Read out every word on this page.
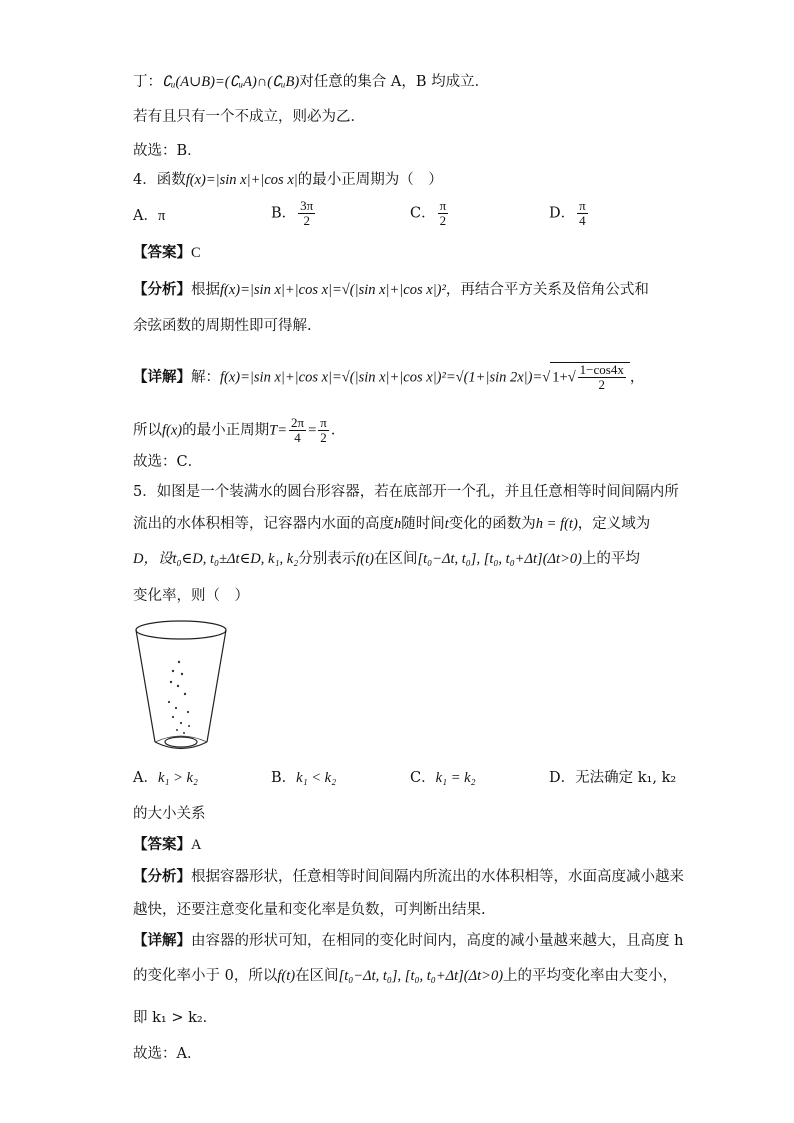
丁：∁ᵤ(A∪B)=(∁ᵤA)∩(∁ᵤB)对任意的集合 A，B 均成立．
若有且只有一个不成立，则必为乙．
故选：B．
4．函数f(x)=|sin x|+|cos x|的最小正周期为（　）
A．π	B． $\frac{3\pi}{2}$	C． $\frac{\pi}{2}$	D． $\frac{\pi}{4}$
【答案】C
【分析】根据f(x)=|sin x|+|cos x|=√(|sin x|+|cos x|)²，再结合平方关系及倍角公式和
余弦函数的周期性即可得解.
【详解】解：f(x)=|sin x|+|cos x|=√(|sin x|+|cos x|)²=√(1+|sin 2x|)=√ $1+√ \frac{1-\cos 4x}{2}$ ，
所以f(x)的最小正周期$T= \frac{2\pi}{4} = \frac{\pi}{2}$ ．
故选：C．
5．如图是一个装满水的圆台形容器，若在底部开一个孔，并且任意相等时间间隔内所
流出的水体积相等，记容器内水面的高度h随时间t变化的函数为h = f(t)，定义域为
D，设t₀∈D, t₀±Δt∈D, k₁, k₂分别表示f(t)在区间[t₀−Δt, t₀], [t₀, t₀+Δt](Δt>0)上的平均
变化率，则（　）
A．k₁ > k₂	B．k₁ < k₂	C．k₁ = k₂	D．无法确定 k₁, k₂
的大小关系
【答案】A
【分析】根据容器形状，任意相等时间间隔内所流出的水体积相等，水面高度减小越来
越快，还要注意变化量和变化率是负数，可判断出结果.
【详解】由容器的形状可知，在相同的变化时间内，高度的减小量越来越大，且高度 h
的变化率小于 0，所以f(t)在区间[t₀−Δt, t₀], [t₀, t₀+Δt](Δt>0)上的平均变化率由大变小，
即 k₁ > k₂．
故选：A．
